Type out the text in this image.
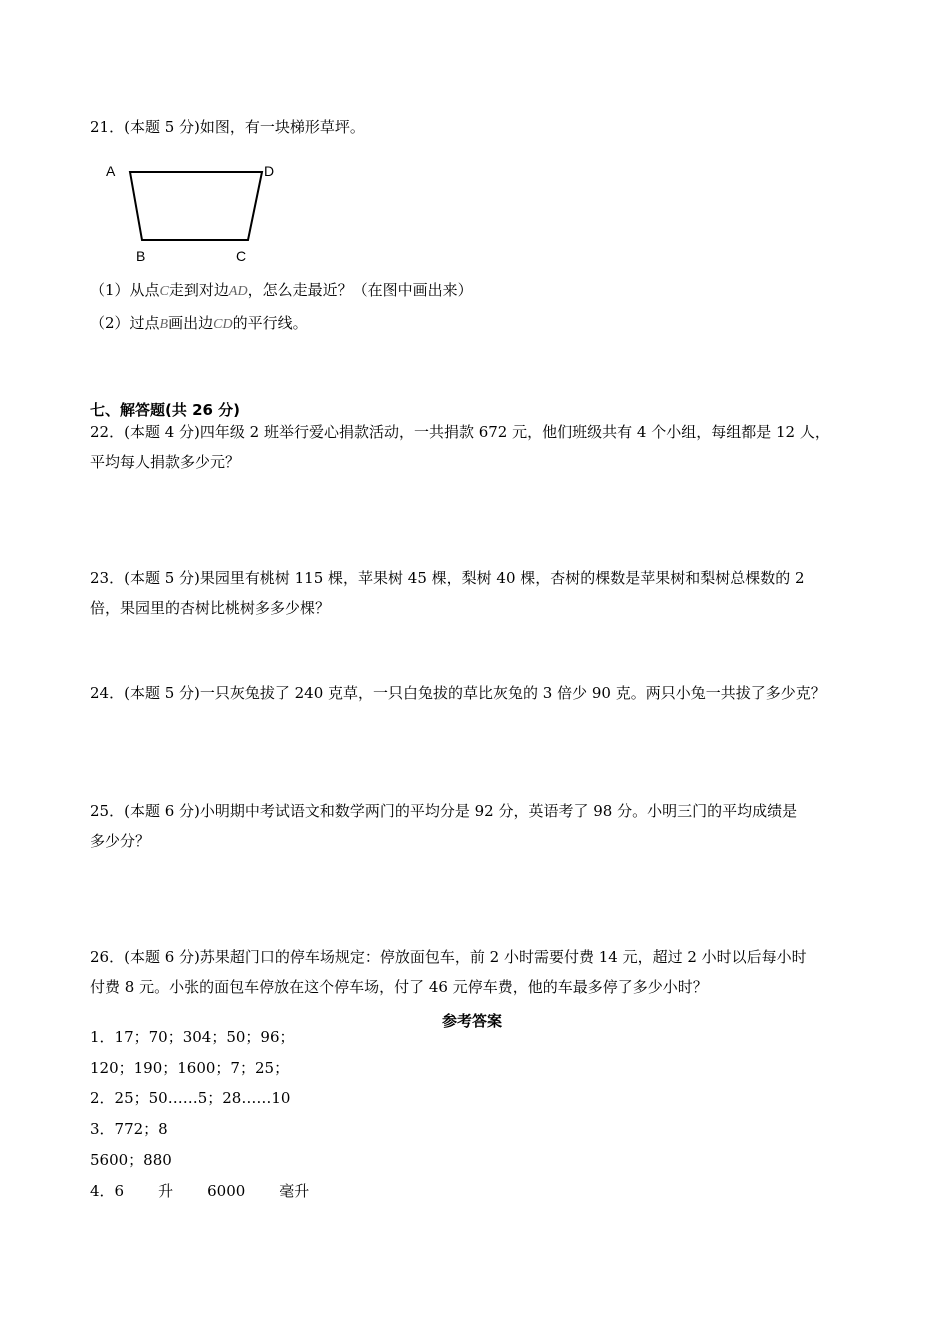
21．(本题 5 分)如图，有一块梯形草坪。
A	D
B	C
（1）从点C走到对边AD，怎么走最近？（在图中画出来）
（2）过点B画出边CD的平行线。
七、解答题(共 26 分)
22．(本题 4 分)四年级 2 班举行爱心捐款活动，一共捐款 672 元，他们班级共有 4 个小组，每组都是 12 人，
平均每人捐款多少元？
23．(本题 5 分)果园里有桃树 115 棵，苹果树 45 棵，梨树 40 棵，杏树的棵数是苹果树和梨树总棵数的 2
倍，果园里的杏树比桃树多多少棵？
24．(本题 5 分)一只灰兔拔了 240 克草，一只白兔拔的草比灰兔的 3 倍少 90 克。两只小兔一共拔了多少克？
25．(本题 6 分)小明期中考试语文和数学两门的平均分是 92 分，英语考了 98 分。小明三门的平均成绩是
多少分？
26．(本题 6 分)苏果超门口的停车场规定：停放面包车，前 2 小时需要付费 14 元，超过 2 小时以后每小时
付费 8 元。小张的面包车停放在这个停车场，付了 46 元停车费，他的车最多停了多少小时？
参考答案
1．17；70；304；50；96；
120；190；1600；7；25；
2．25；50……5；28……10
3．772；8
5600；880
4．6 升 6000 毫升
